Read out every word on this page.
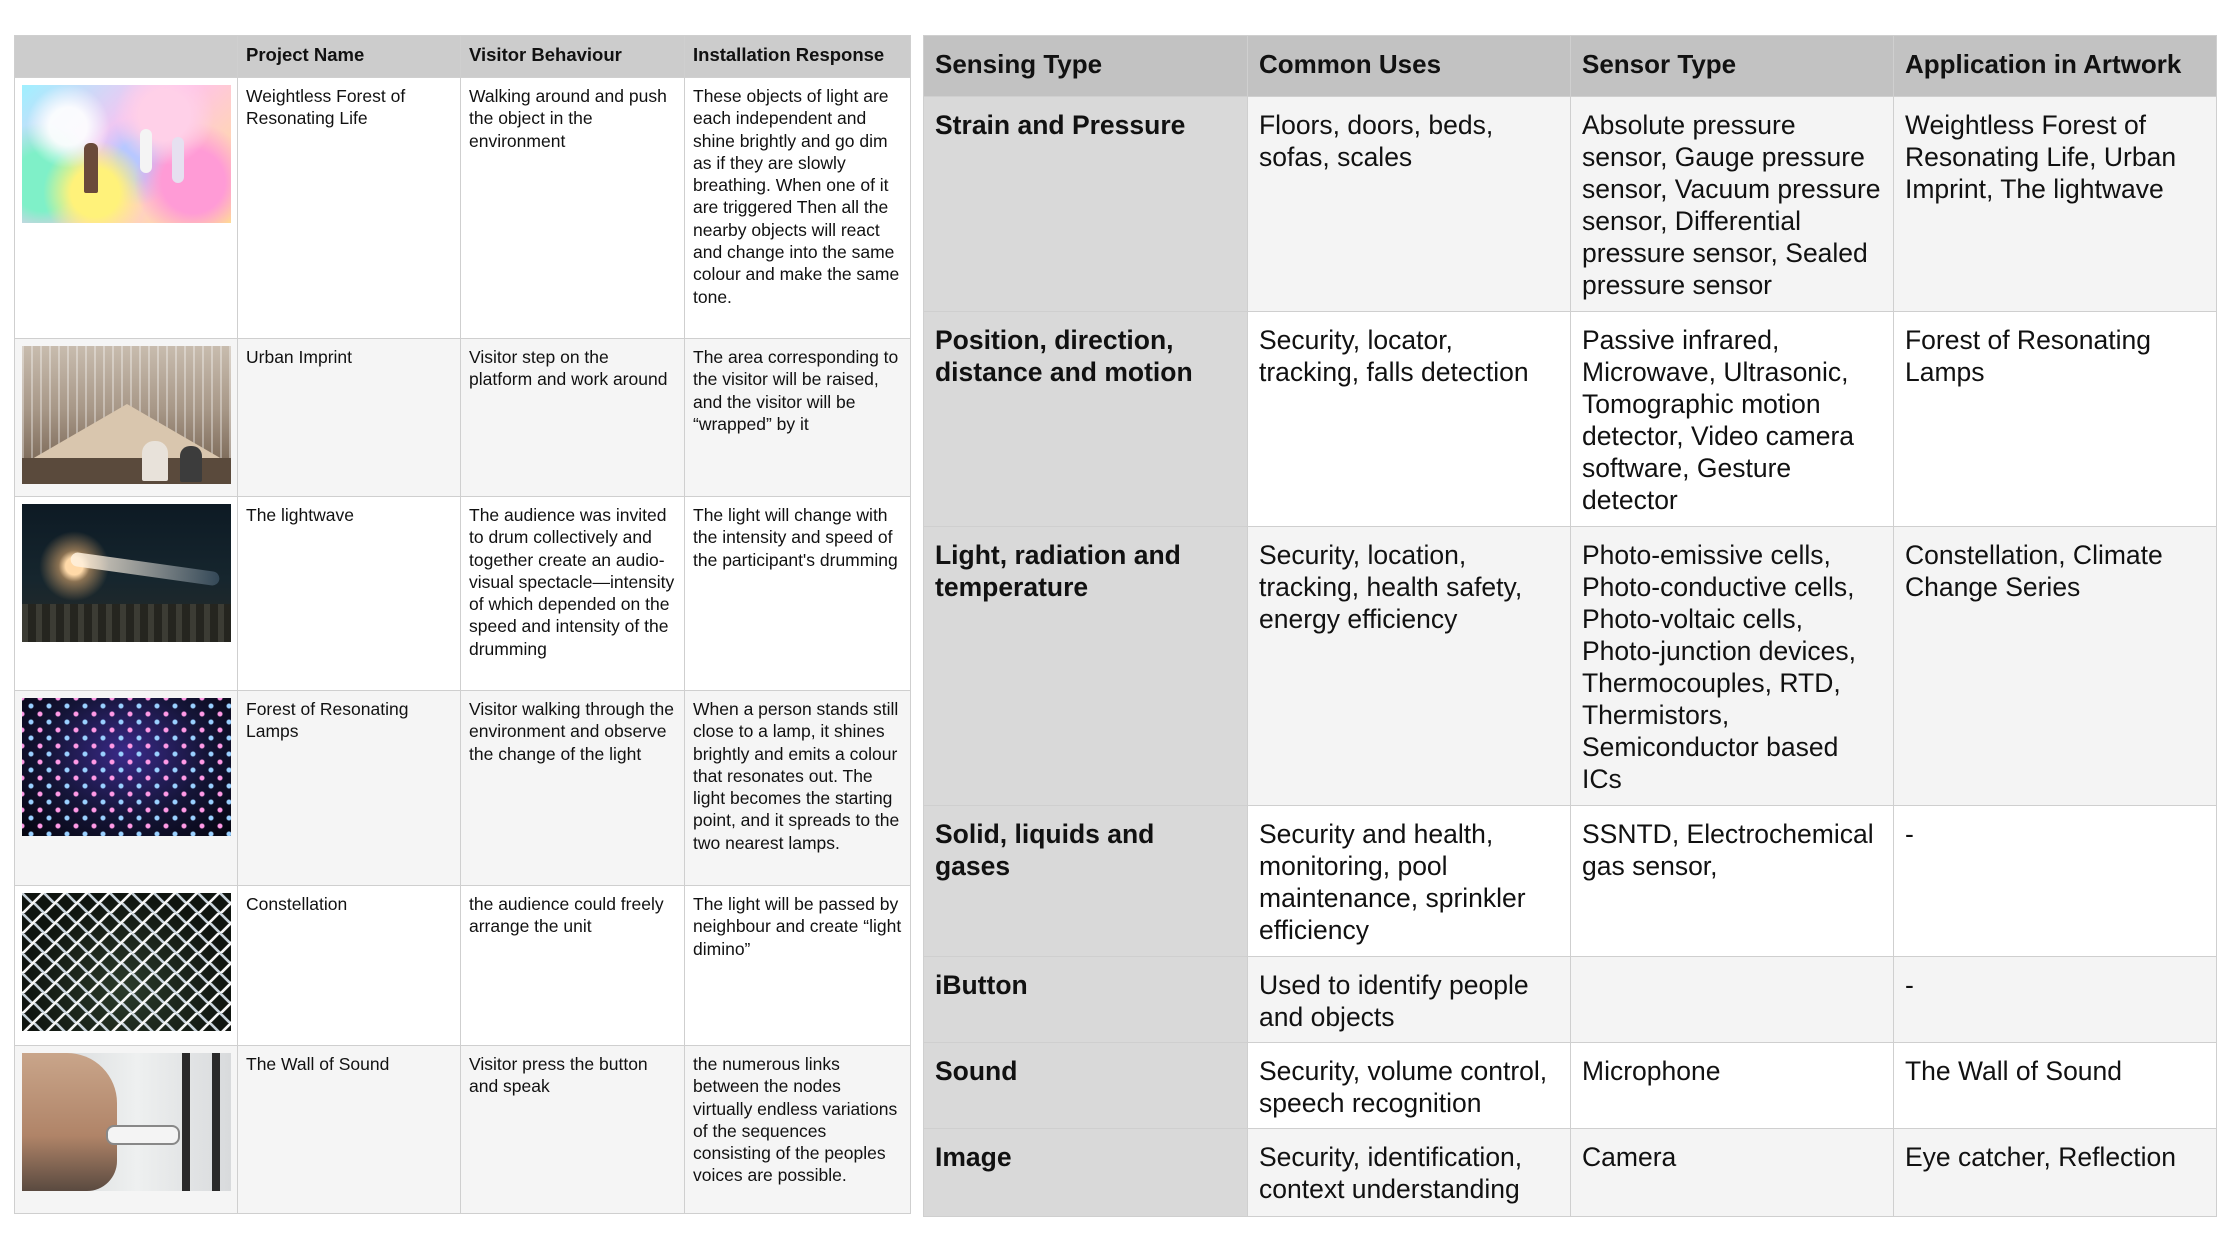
	Project Name	Visitor Behaviour	Installation Response

	Weightless Forest of Resonating Life	Walking around and push the object in the environment	These objects of light are each independent and shine brightly and go dim as if they are slowly breathing. When one of it are triggered Then all the nearby objects will react and change into the same colour and make the same tone.

	Urban Imprint	Visitor step on the platform and work around	The area corresponding to the visitor will be raised, and the visitor will be “wrapped” by it

	The lightwave	The audience was invited to drum collectively and together create an audio-visual spectacle—intensity of which depended on the speed and intensity of the drumming	The light will change with the intensity and speed of the participant's drumming

	Forest of Resonating Lamps	Visitor walking through the environment and observe the change of the light	When a person stands still close to a lamp, it shines brightly and emits a colour that resonates out. The light becomes the starting point, and it spreads to the two nearest lamps.

	Constellation	the audience could freely arrange the unit	The light will be passed by neighbour and create “light dimino”

	The Wall of Sound	Visitor press the button and speak	the numerous links between the nodes virtually endless variations of the sequences consisting of the peoples voices are possible.
Sensing Type	Common Uses	Sensor Type	Application in Artwork
Strain and Pressure	Floors, doors, beds, sofas, scales	Absolute pressure sensor, Gauge pressure sensor, Vacuum pressure sensor, Differential pressure sensor, Sealed pressure sensor	Weightless Forest of Resonating Life, Urban Imprint, The lightwave
Position, direction, distance and motion	Security, locator, tracking, falls detection	Passive infrared, Microwave, Ultrasonic, Tomographic motion detector, Video camera software, Gesture detector	Forest of Resonating Lamps
Light, radiation and temperature	Security, location, tracking, health safety, energy efficiency	Photo-emissive cells, Photo-conductive cells, Photo-voltaic cells, Photo-junction devices, Thermocouples, RTD, Thermistors, Semiconductor based ICs	Constellation, Climate Change Series
Solid, liquids and gases	Security and health, monitoring, pool maintenance, sprinkler efficiency	SSNTD, Electrochemical gas sensor,	-
iButton	Used to identify people and objects		-
Sound	Security, volume control, speech recognition	Microphone	The Wall of Sound
Image	Security, identification, context understanding	Camera	Eye catcher, Reflection
